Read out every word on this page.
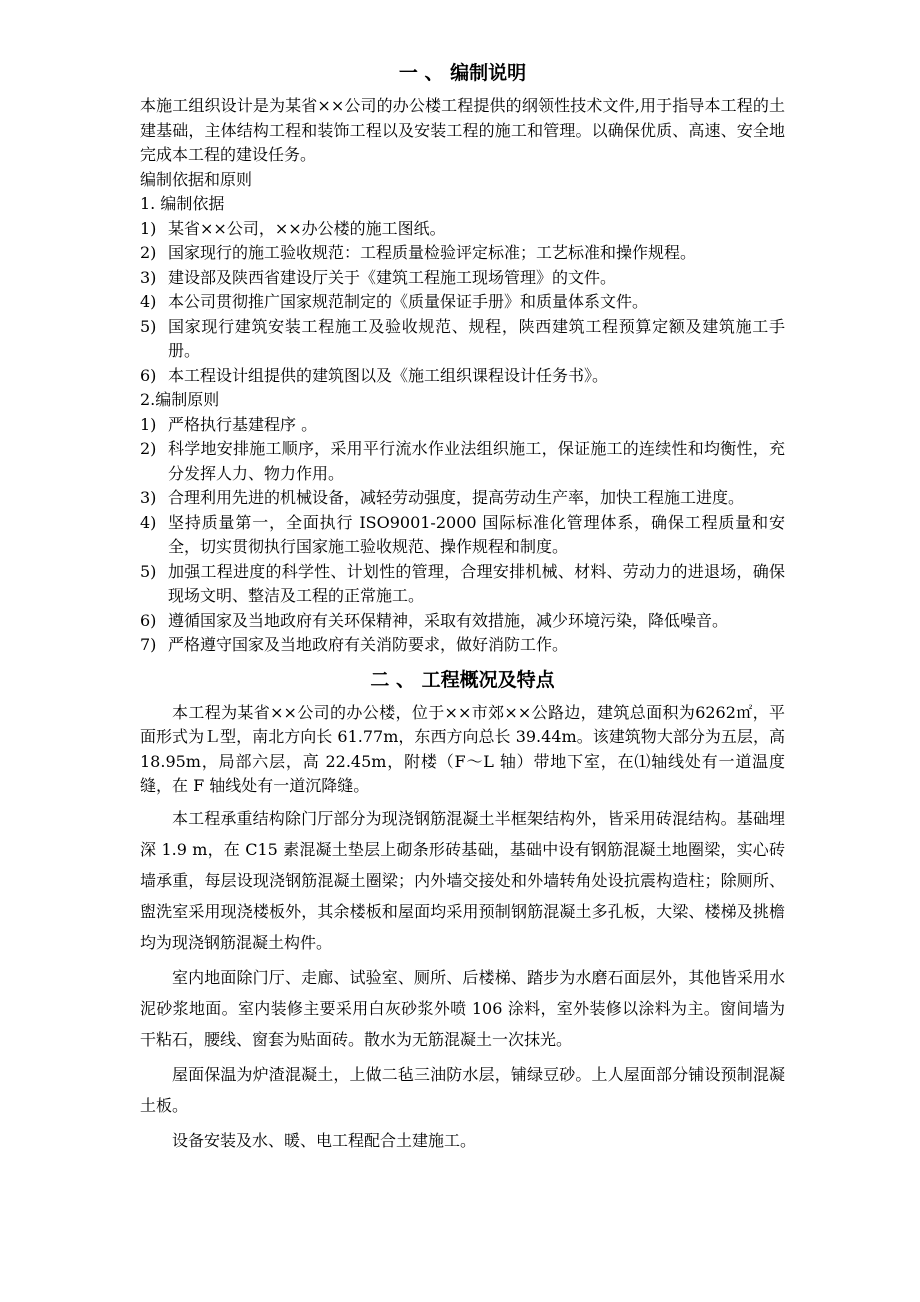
一 、 编制说明

本施工组织设计是为某省××公司的办公楼工程提供的纲领性技术文件,用于指导本工程的土建基础，主体结构工程和装饰工程以及安装工程的施工和管理。以确保优质、高速、安全地完成本工程的建设任务。

编制依据和原则

1. 编制依据

1) 某省××公司，××办公楼的施工图纸。
2) 国家现行的施工验收规范：工程质量检验评定标准；工艺标准和操作规程。
3) 建设部及陕西省建设厅关于《建筑工程施工现场管理》的文件。
4) 本公司贯彻推广国家规范制定的《质量保证手册》和质量体系文件。
5) 国家现行建筑安装工程施工及验收规范、规程，陕西建筑工程预算定额及建筑施工手册。
6) 本工程设计组提供的建筑图以及《施工组织课程设计任务书》。

2.编制原则

1) 严格执行基建程序 。
2) 科学地安排施工顺序，采用平行流水作业法组织施工，保证施工的连续性和均衡性，充分发挥人力、物力作用。
3) 合理利用先进的机械设备，减轻劳动强度，提高劳动生产率，加快工程施工进度。
4) 坚持质量第一，全面执行 ISO9001-2000 国际标准化管理体系，确保工程质量和安全，切实贯彻执行国家施工验收规范、操作规程和制度。
5) 加强工程进度的科学性、计划性的管理，合理安排机械、材料、劳动力的进退场，确保现场文明、整洁及工程的正常施工。
6) 遵循国家及当地政府有关环保精神，采取有效措施，减少环境污染，降低噪音。
7) 严格遵守国家及当地政府有关消防要求，做好消防工作。
二 、 工程概况及特点

本工程为某省××公司的办公楼，位于××市郊××公路边，建筑总面积为6262㎡，平面形式为Ｌ型，南北方向长 61.77m，东西方向总长 39.44m。该建筑物大部分为五层，高 18.95m，局部六层，高 22.45m，附楼（F～L 轴）带地下室，在⑴轴线处有一道温度缝，在 F 轴线处有一道沉降缝。

本工程承重结构除门厅部分为现浇钢筋混凝土半框架结构外，皆采用砖混结构。基础埋深 1.9 m，在 C15 素混凝土垫层上砌条形砖基础，基础中设有钢筋混凝土地圈梁，实心砖墙承重，每层设现浇钢筋混凝土圈梁；内外墙交接处和外墙转角处设抗震构造柱；除厕所、盥洗室采用现浇楼板外，其余楼板和屋面均采用预制钢筋混凝土多孔板，大梁、楼梯及挑檐均为现浇钢筋混凝土构件。

室内地面除门厅、走廊、试验室、厕所、后楼梯、踏步为水磨石面层外，其他皆采用水泥砂浆地面。室内装修主要采用白灰砂浆外喷 106 涂料，室外装修以涂料为主。窗间墙为干粘石，腰线、窗套为贴面砖。散水为无筋混凝土一次抹光。

屋面保温为炉渣混凝土，上做二毡三油防水层，铺绿豆砂。上人屋面部分铺设预制混凝土板。

设备安装及水、暖、电工程配合土建施工。
